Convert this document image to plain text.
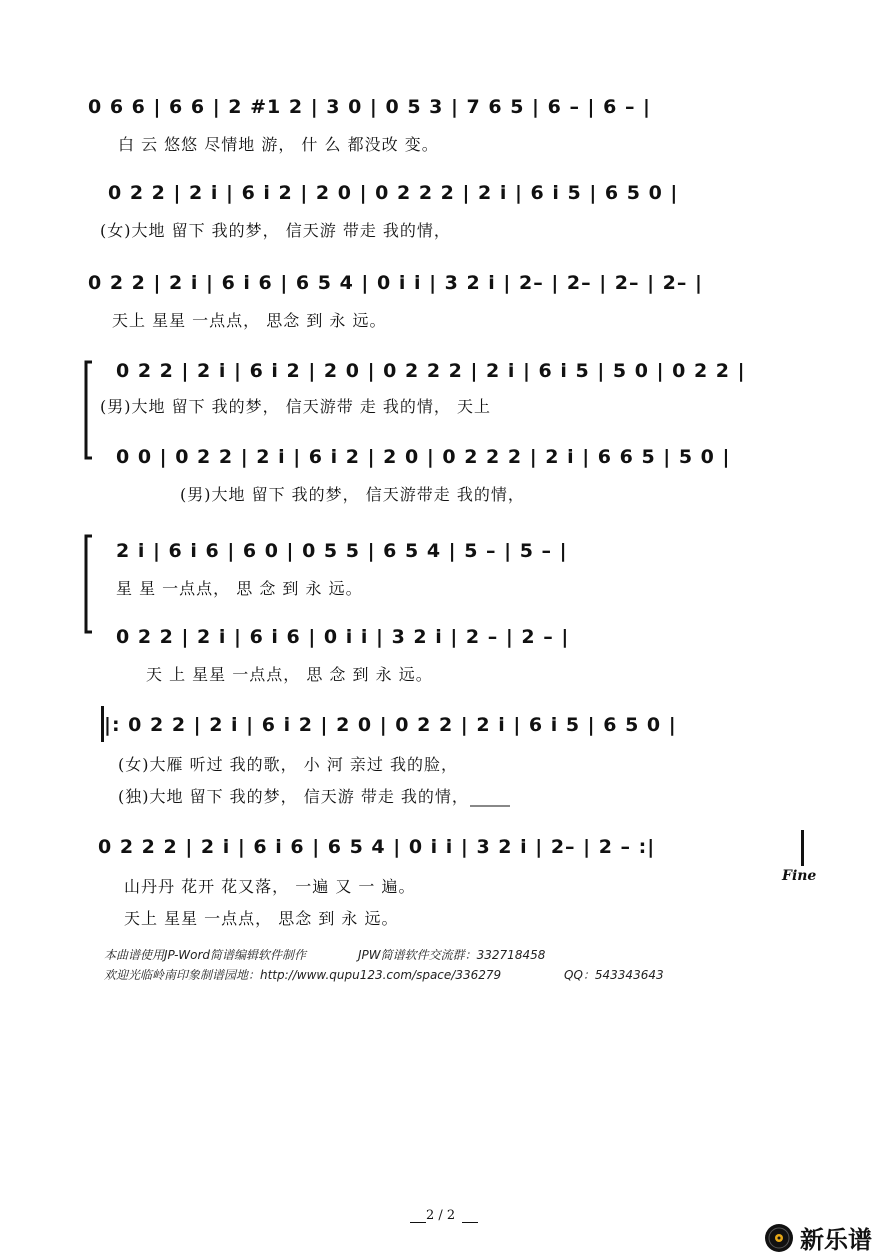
0 6 6 | 6 6 | 2 #1 2 | 3 0 | 0 5 3 | 7 6 5 | 6 – | 6 – |
白 云 悠悠 尽情地 游， 什 么 都没改 变。
0 2 2 | 2 i | 6 i 2 | 2 0 | 0 2 2 2 | 2 i | 6 i 5 | 6 5 0 |
(女)大地 留下 我的梦， 信天游 带走 我的情，
0 2 2 | 2 i | 6 i 6 | 6 5 4 | 0 i i | 3 2 i | 2– | 2– | 2– | 2– |
天上 星星 一点点， 思念 到 永 远。
0 2 2 | 2 i | 6 i 2 | 2 0 | 0 2 2 2 | 2 i | 6 i 5 | 5 0 | 0 2 2 |
(男)大地 留下 我的梦， 信天游带 走 我的情， 天上
0 0 | 0 2 2 | 2 i | 6 i 2 | 2 0 | 0 2 2 2 | 2 i | 6 6 5 | 5 0 |
(男)大地 留下 我的梦， 信天游带走 我的情，
2 i | 6 i 6 | 6 0 | 0 5 5 | 6 5 4 | 5 – | 5 – |
星 星 一点点， 思 念 到 永 远。
0 2 2 | 2 i | 6 i 6 | 0 i i | 3 2 i | 2 – | 2 – |
天 上 星星 一点点， 思 念 到 永 远。
|: 0 2 2 | 2 i | 6 i 2 | 2 0 | 0 2 2 | 2 i | 6 i 5 | 6 5 0 |
(女)大雁 听过 我的歌， 小 河 亲过 我的脸，
(独)大地 留下 我的梦， 信天游 带走 我的情，
0 2 2 2 | 2 i | 6 i 6 | 6 5 4 | 0 i i | 3 2 i | 2– | 2 – :|
山丹丹 花开 花又落， 一遍 又 一 遍。
天上 星星 一点点， 思念 到 永 远。
Fine
本曲谱使用JP-Word简谱编辑软件制作	JPW简谱软件交流群：332718458
欢迎光临岭南印象制谱园地：http://www.qupu123.com/space/336279	QQ：543343643
2 / 2
新乐谱
